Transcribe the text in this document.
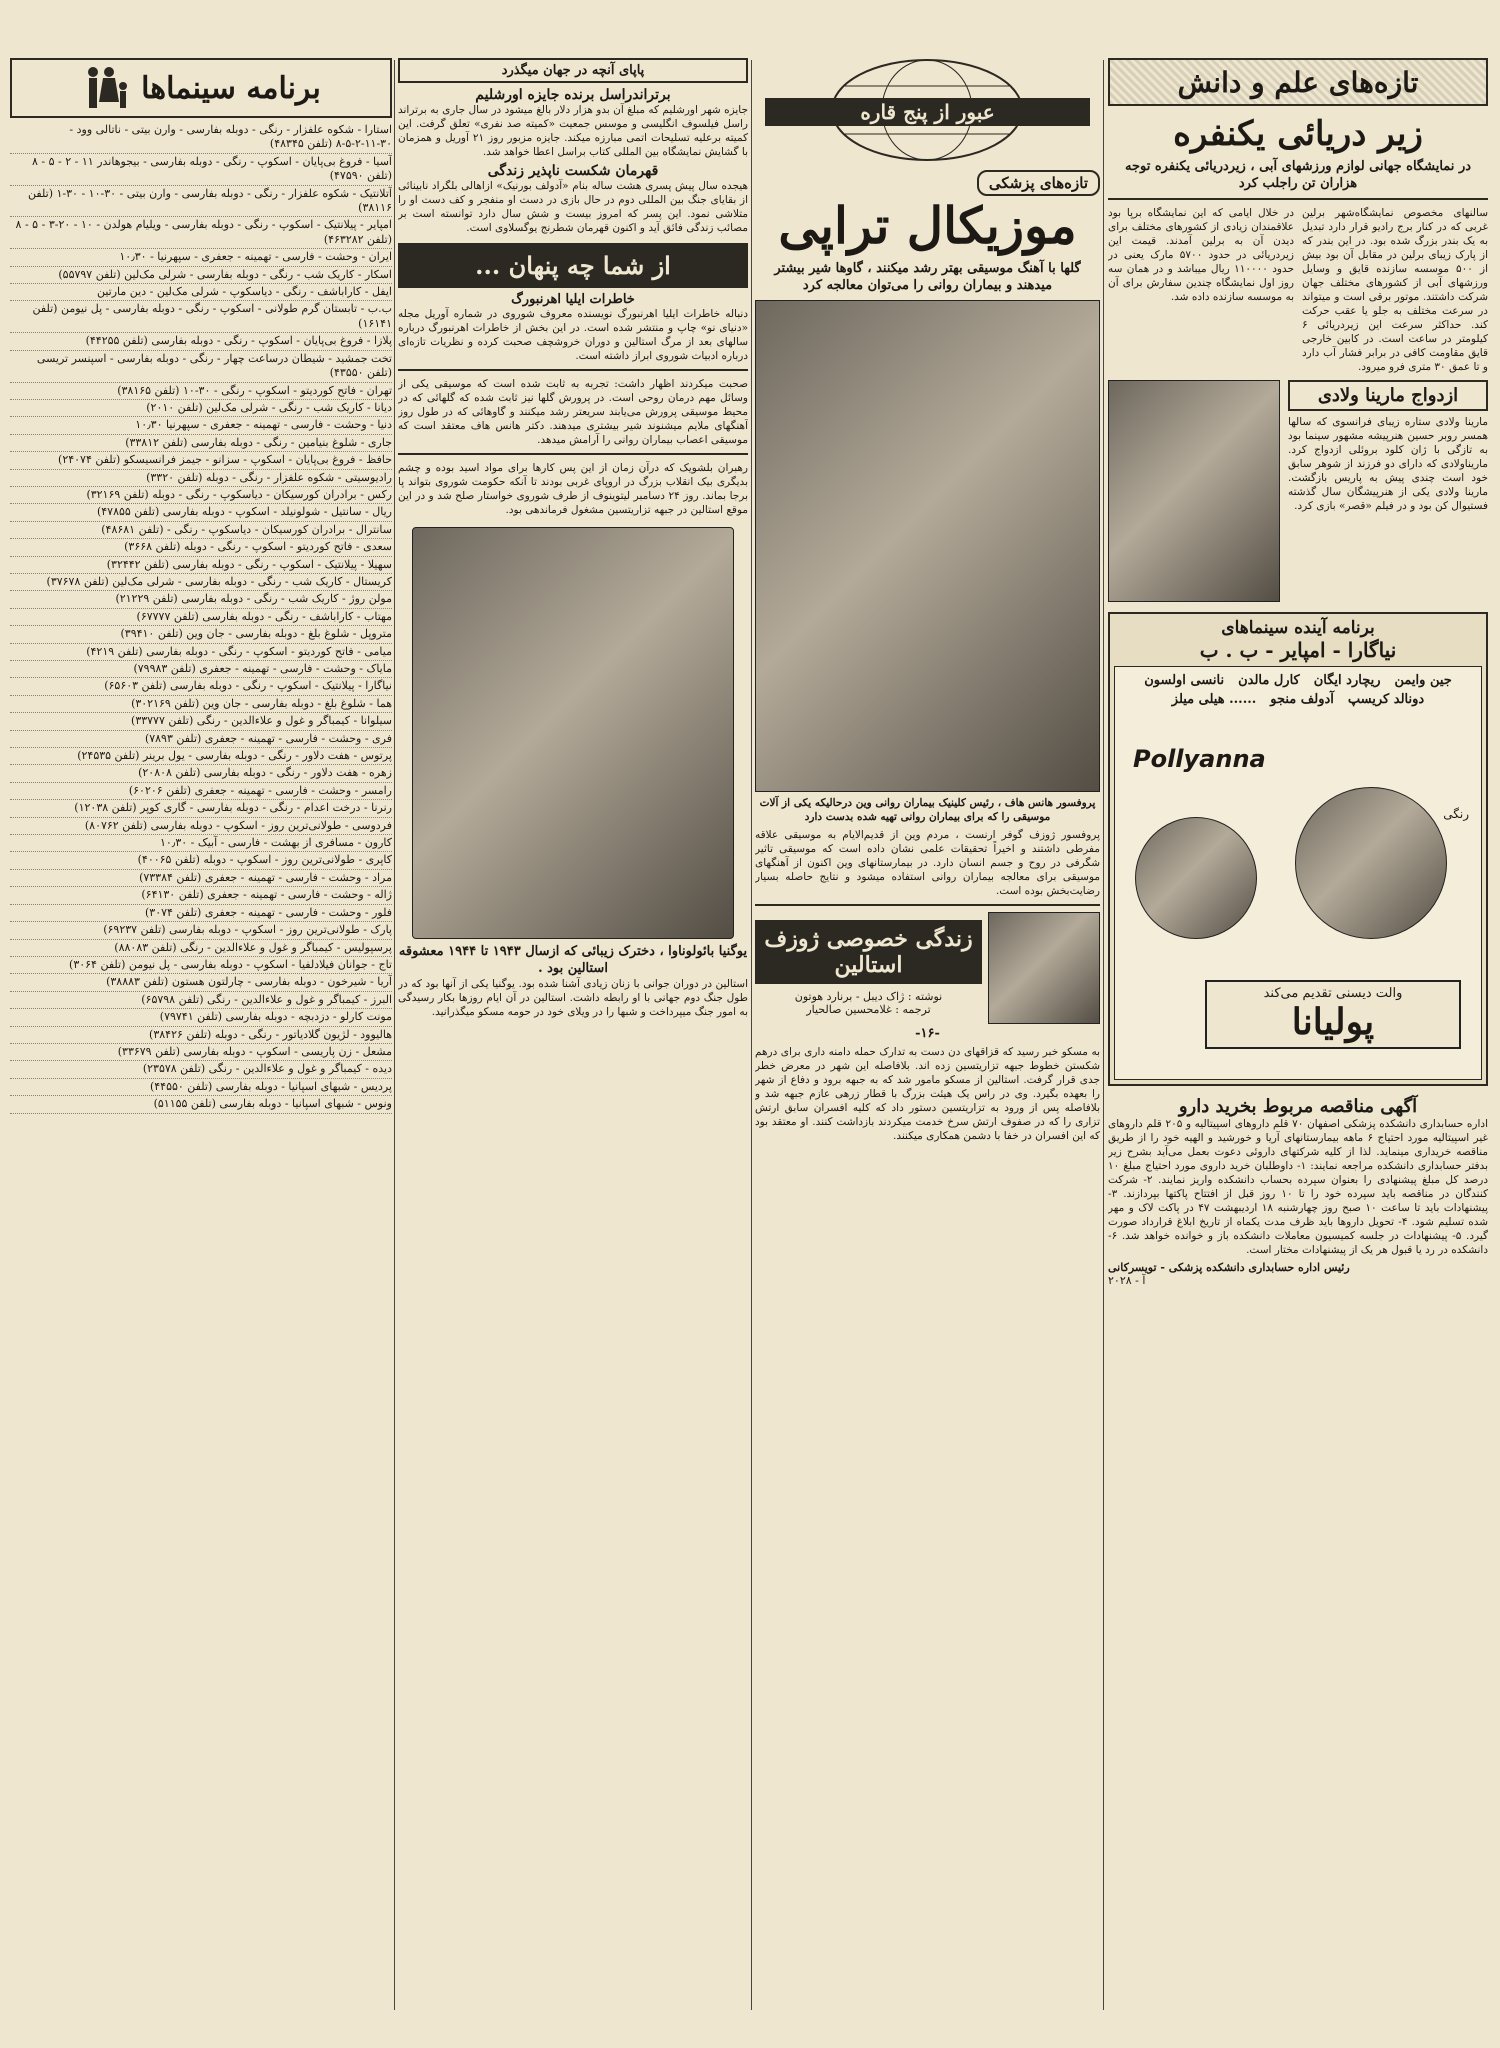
تازه‌های علم و دانش
زیر دریائی یکنفره

در نمایشگاه جهانی لوازم ورزشهای آبی ، زیردریائی یکنفره توجه هزاران تن راجلب کرد

سالنهای مخصوص نمایشگاه‌شهر برلین غربی که در کنار برج رادیو قرار دارد تبدیل به یک بندر بزرگ شده بود. در این بندر که از پارک زیبای برلین در مقابل آن بود بیش از ۵۰۰ موسسه سازنده قایق و وسایل ورزشهای آبی از کشورهای مختلف جهان شرکت داشتند. موتور برقی است و میتواند در سرعت مختلف به جلو یا عقب حرکت کند. حداکثر سرعت این زیردریائی ۶ کیلومتر در ساعت است. در کابین خارجی قایق مقاومت کافی در برابر فشار آب دارد و تا عمق ۳۰ متری فرو میرود.

در خلال ایامی که این نمایشگاه برپا بود علاقمندان زیادی از کشورهای مختلف برای دیدن آن به برلین آمدند. قیمت این زیردریائی در حدود ۵۷۰۰ مارک یعنی در حدود ۱۱۰۰۰۰ ریال میباشد و در همان سه روز اول نمایشگاه چندین سفارش برای آن به موسسه سازنده داده شد.

ازدواج مارینا ولادی

مارینا ولادی ستاره زیبای فرانسوی که سالها همسر روبر حسین هنرپیشه مشهور سینما بود به تازگی با ژان کلود بروئلی ازدواج کرد. ماریناولادی که دارای دو فرزند از شوهر سابق خود است چندی پیش به پاریس بازگشت. مارینا ولادی یکی از هنرپیشگان سال گذشته فستیوال کن بود و در فیلم «قصر» بازی کرد.

برنامه آینده سینماهای
نیاگارا - امپایر - ب . ب
جین وایمن
ریچارد ایگان
کارل مالدن
نانسی اولسون
دونالد کریسپ
آدولف منجو
...... هیلی میلز
Pollyanna
رنگی
والت دیسنی تقدیم می‌کند
پولیانا
آگهی مناقصه مربوط بخرید دارو

اداره حسابداری دانشکده پزشکی اصفهان ۷۰ قلم داروهای اسپیتالیه و ۲۰۵ قلم داروهای غیر اسپیتالیه مورد احتیاج ۶ ماهه بیمارستانهای آریا و خورشید و الهیه خود را از طریق مناقصه خریداری مینماید. لذا از کلیه شرکتهای داروئی دعوت بعمل می‌آید بشرح زیر بدفتر حسابداری دانشکده مراجعه نمایند: ۱- داوطلبان خرید داروی مورد احتیاج مبلغ ۱۰ درصد کل مبلغ پیشنهادی را بعنوان سپرده بحساب دانشکده واریز نمایند. ۲- شرکت کنندگان در مناقصه باید سپرده خود را تا ۱۰ روز قبل از افتتاح پاکتها بپردازند. ۳- پیشنهادات باید تا ساعت ۱۰ صبح روز چهارشنبه ۱۸ اردیبهشت ۴۷ در پاکت لاک و مهر شده تسلیم شود. ۴- تحویل داروها باید ظرف مدت یکماه از تاریخ ابلاغ قرارداد صورت گیرد. ۵- پیشنهادات در جلسه کمیسیون معاملات دانشکده باز و خوانده خواهد شد. ۶- دانشکده در رد یا قبول هر یک از پیشنهادات مختار است.

رئیس اداره حسابداری دانشکده پزشکی - تویسرکانی
آ - ۲۰۲۸
عبور از پنج قاره
تازه‌های پزشکی
موزیکال تراپی

گلها با آهنگ موسیقی بهتر رشد میکنند ، گاوها شیر بیشتر میدهند و بیماران روانی را می‌توان معالجه کرد

پروفسور هانس هاف ، رئیس کلینیک بیماران روانی وین درحالیکه یکی از آلات موسیقی را که برای بیماران روانی تهیه شده بدست دارد

پروفسور ژوزف گوفر ارنست ، مردم وین از قدیم‌الایام به موسیقی علاقه مفرطی داشتند و اخیراً تحقیقات علمی نشان داده است که موسیقی تاثیر شگرفی در روح و جسم انسان دارد. در بیمارستانهای وین اکنون از آهنگهای موسیقی برای معالجه بیماران روانی استفاده میشود و نتایج حاصله بسیار رضایت‌بخش بوده است.

زندگی خصوصی ژوزف استالین
نوشته : ژاک دیبل - برنارد هوتون
ترجمه : غلامحسین صالحیار
-۱۶-

به مسکو خبر رسید که قزاقهای دن دست به تدارک حمله دامنه داری برای درهم شکستن خطوط جبهه تزاریتسین زده اند. بلافاصله این شهر در معرض خطر جدی قرار گرفت. استالین از مسکو مامور شد که به جبهه برود و دفاع از شهر را بعهده بگیرد. وی در راس یک هیئت بزرگ با قطار زرهی عازم جبهه شد و بلافاصله پس از ورود به تزاریتسین دستور داد که کلیه افسران سابق ارتش تزاری را که در صفوف ارتش سرخ خدمت میکردند بازداشت کنند. او معتقد بود که این افسران در خفا با دشمن همکاری میکنند.

پاپای آنچه در جهان میگذرد
برتراندراسل برنده جایزه اورشلیم

جایزه شهر اورشلیم که مبلغ آن بدو هزار دلار بالغ میشود در سال جاری به برتراند راسل فیلسوف انگلیسی و موسس جمعیت «کمیته صد نفری» تعلق گرفت. این کمیته برعلیه تسلیحات اتمی مبارزه میکند. جایزه مزبور روز ۲۱ آوریل و همزمان با گشایش نمایشگاه بین المللی کتاب براسل اعطا خواهد شد.

قهرمان شکست ناپذیر زندگی

هیجده سال پیش پسری هشت ساله بنام «آدولف بورنیک» ازاهالی بلگراد نابینائی از بقایای جنگ بین المللی دوم در حال بازی در دست او منفجر و کف دست او را متلاشی نمود. این پسر که امروز بیست و شش سال دارد توانسته است بر مصائب زندگی فائق آید و اکنون قهرمان شطرنج یوگسلاوی است.

از شما چه پنهان ...
خاطرات ایلیا اهرنبورگ

دنباله خاطرات ایلیا اهرنبورگ نویسنده معروف شوروی در شماره آوریل مجله «دنیای نو» چاپ و منتشر شده است. در این بخش از خاطرات اهرنبورگ درباره سالهای بعد از مرگ استالین و دوران خروشچف صحبت کرده و نظریات تازه‌ای درباره ادبیات شوروی ابراز داشته است.

صحبت میکردند اظهار داشت: تجربه به ثابت شده است که موسیقی یکی از وسائل مهم درمان روحی است. در پرورش گلها نیز ثابت شده که گلهائی که در محیط موسیقی پرورش می‌یابند سریعتر رشد میکنند و گاوهائی که در طول روز آهنگهای ملایم میشنوند شیر بیشتری میدهند. دکتر هانس هاف معتقد است که موسیقی اعصاب بیماران روانی را آرامش میدهد.

رهبران بلشویک که درآن زمان از این پس کارها برای مواد اسید بوده و چشم بدیگری بیک انقلاب بزرگ در اروپای غربی بودند تا آنکه حکومت شوروی بتواند پا برجا بماند. روز ۲۴ دسامبر لیتوینوف از طرف شوروی خواستار صلح شد و در این موقع استالین در جبهه تزاریتسین مشغول فرماندهی بود.

یوگنیا بائولوناوا ، دخترک زیبائی که ازسال ۱۹۴۳ تا ۱۹۴۴ معشوقه استالین بود .

استالین در دوران جوانی با زنان زیادی آشنا شده بود. یوگنیا یکی از آنها بود که در طول جنگ دوم جهانی با او رابطه داشت. استالین در آن ایام روزها بکار رسیدگی به امور جنگ میپرداخت و شبها را در ویلای خود در حومه مسکو میگذرانید.

برنامه سینماها

استارا - شکوه علفزار - رنگی - دوبله بفارسی - وارن بیتی - ناتالی وود - ۳۰-۱۱-۲-۵-۸ (تلفن ۴۸۳۴۵)

آسیا - فروغ بی‌پایان - اسکوپ - رنگی - دوبله بفارسی - بیجوهاندر ۱۱ - ۲ - ۵ - ۸ (تلفن ۴۷۵۹۰)

آتلانتیک - شکوه علفزار - رنگی - دوبله بفارسی - وارن بیتی - ۳۰-۱۰ - ۳۰-۱ (تلفن ۳۸۱۱۶)

امپایر - پیلانتیک - اسکوپ - رنگی - دوبله بفارسی - ویلیام هولدن - ۱۰ - ۲۰-۳ - ۵ - ۸ (تلفن ۴۶۳۲۸۲)

ایران - وحشت - فارسی - تهمینه - جعفری - سپهرنیا - ۱۰٫۳۰

اسکار - کاریک شب - رنگی - دوبله بفارسی - شرلی مک‌لین (تلفن ۵۵۷۹۷)

ایفل - کاراباشف - رنگی - دیاسکوپ - شرلی مک‌لین - دین مارتین

ب.ب - تابستان گرم طولانی - اسکوپ - رنگی - دوبله بفارسی - پل نیومن (تلفن ۱۶۱۴۱)

پلازا - فروغ بی‌پایان - اسکوپ - رنگی - دوبله بفارسی (تلفن ۴۴۲۵۵)

تخت جمشید - شیطان درساعت چهار - رنگی - دوبله بفارسی - اسپنسر تریسی (تلفن ۴۳۵۵۰)

تهران - فاتح کوردیتو - اسکوپ - رنگی - ۳۰-۱۰ (تلفن ۳۸۱۶۵)

دیانا - کاریک شب - رنگی - شرلی مک‌لین (تلفن ۲۰۱۰)

دنیا - وحشت - فارسی - تهمینه - جعفری - سپهرنیا ۱۰٫۳۰

جاری - شلوغ بنیامین - رنگی - دوبله بفارسی (تلفن ۳۳۸۱۲)

حافظ - فروغ بی‌پایان - اسکوپ - سزانو - جیمز فرانسیسکو (تلفن ۲۴۰۷۴)

رادیوسیتی - شکوه علفزار - رنگی - دوبله (تلفن ۳۳۲۰)

رکس - برادران کورسیکان - دیاسکوپ - رنگی - دوبله (تلفن ۳۲۱۶۹)

ریال - سانتیل - شولونیلد - اسکوپ - دوبله بفارسی (تلفن ۴۷۸۵۵)

سانترال - برادران کورسیکان - دیاسکوپ - رنگی - (تلفن ۴۸۶۸۱)

سعدی - فاتح کوردیتو - اسکوپ - رنگی - دوبله (تلفن ۳۶۶۸)

سهیلا - پیلانتیک - اسکوپ - رنگی - دوبله بفارسی (تلفن ۳۲۴۴۲)

کریستال - کاریک شب - رنگی - دوبله بفارسی - شرلی مک‌لین (تلفن ۳۷۶۷۸)

مولن روژ - کاریک شب - رنگی - دوبله بفارسی (تلفن ۲۱۲۲۹)

مهتاب - کاراباشف - رنگی - دوبله بفارسی (تلفن ۶۷۷۷۷)

متروپل - شلوغ بلغ - دوبله بفارسی - جان وین (تلفن ۳۹۴۱۰)

میامی - فاتح کوردیتو - اسکوپ - رنگی - دوبله بفارسی (تلفن ۴۲۱۹)

مایاک - وحشت - فارسی - تهمینه - جعفری (تلفن ۷۹۹۸۳)

نیاگارا - پیلانتیک - اسکوپ - رنگی - دوبله بفارسی (تلفن ۶۵۶۰۳)

هما - شلوغ بلغ - دوبله بفارسی - جان وین (تلفن ۳۰۲۱۶۹)

سیلوانا - کیمباگر و غول و علاءالدین - رنگی (تلفن ۳۳۷۷۷)

فری - وحشت - فارسی - تهمینه - جعفری (تلفن ۷۸۹۳)

پرتوس - هفت دلاور - رنگی - دوبله بفارسی - یول برینر (تلفن ۲۴۵۳۵)

زهره - هفت دلاور - رنگی - دوبله بفارسی (تلفن ۲۰۸۰۸)

رامسر - وحشت - فارسی - تهمینه - جعفری (تلفن ۶۰۲۰۶)

رنرنا - درخت اعدام - رنگی - دوبله بفارسی - گاری کوپر (تلفن ۱۲۰۳۸)

فردوسی - طولانی‌ترین روز - اسکوپ - دوبله بفارسی (تلفن ۸۰۷۶۲)

کارون - مسافری از بهشت - فارسی - آبیک - ۱۰٫۳۰

کاپری - طولانی‌ترین روز - اسکوپ - دوبله (تلفن ۴۰۰۶۵)

مراد - وحشت - فارسی - تهمینه - جعفری (تلفن ۷۳۳۸۴)

ژاله - وحشت - فارسی - تهمینه - جعفری (تلفن ۶۴۱۳۰)

فلور - وحشت - فارسی - تهمینه - جعفری (تلفن ۳۰۷۴)

پارک - طولانی‌ترین روز - اسکوپ - دوبله بفارسی (تلفن ۶۹۲۳۷)

پرسپولیس - کیمباگر و غول و علاءالدین - رنگی (تلفن ۸۸۰۸۳)

تاج - جوانان فیلادلفیا - اسکوپ - دوبله بفارسی - پل نیومن (تلفن ۳۰۶۴)

آریا - شیرخون - دوبله بفارسی - چارلتون هستون (تلفن ۳۸۸۸۳)

البرز - کیمباگر و غول و علاءالدین - رنگی (تلفن ۶۵۷۹۸)

مونت کارلو - دزدبچه - دوبله بفارسی (تلفن ۷۹۷۴۱)

هالیوود - لژیون گلادیاتور - رنگی - دوبله (تلفن ۳۸۴۲۶)

مشعل - زن پاریسی - اسکوپ - دوبله بفارسی (تلفن ۳۳۶۷۹)

دیده - کیمباگر و غول و علاءالدین - رنگی (تلفن ۲۳۵۷۸)

پردیس - شبهای اسپانیا - دوبله بفارسی (تلفن ۴۴۵۵۰)

ونوس - شبهای اسپانیا - دوبله بفارسی (تلفن ۵۱۱۵۵)
